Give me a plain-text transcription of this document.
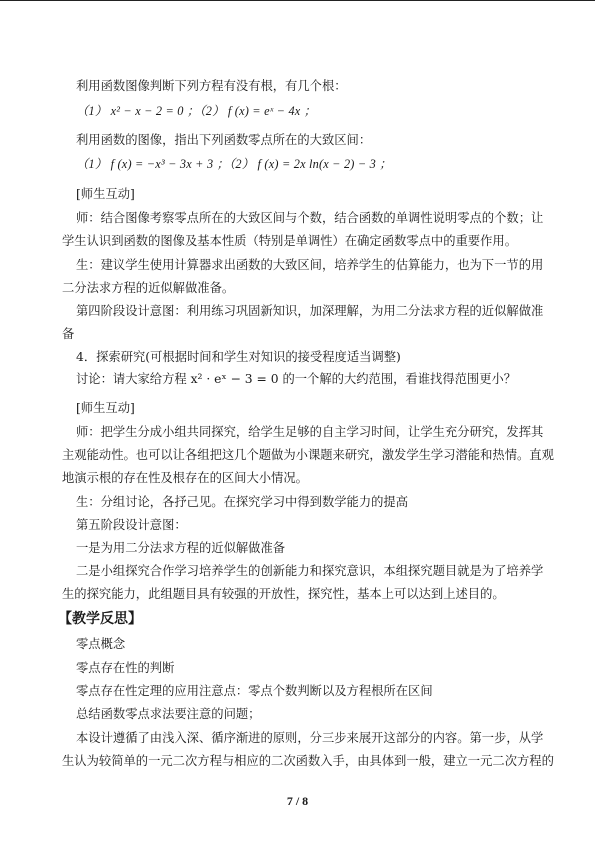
利用函数图像判断下列方程有没有根，有几个根：
（1） x² − x − 2 = 0 ；（2） f (x) = eˣ − 4x ；
利用函数的图像，指出下列函数零点所在的大致区间：
（1） f (x) = −x³ − 3x + 3 ；（2） f (x) = 2x ln(x − 2) − 3 ；
[师生互动]
师：结合图像考察零点所在的大致区间与个数，结合函数的单调性说明零点的个数；让
学生认识到函数的图像及基本性质（特别是单调性）在确定函数零点中的重要作用。
生：建议学生使用计算器求出函数的大致区间，培养学生的估算能力，也为下一节的用
二分法求方程的近似解做准备。
第四阶段设计意图：利用练习巩固新知识，加深理解，为用二分法求方程的近似解做准
备
4．探索研究(可根据时间和学生对知识的接受程度适当调整)
讨论：请大家给方程 x² · eˣ − 3 = 0 的一个解的大约范围，看谁找得范围更小？
[师生互动]
师：把学生分成小组共同探究，给学生足够的自主学习时间，让学生充分研究，发挥其
主观能动性。也可以让各组把这几个题做为小课题来研究，激发学生学习潜能和热情。直观
地演示根的存在性及根存在的区间大小情况。
生：分组讨论，各抒己见。在探究学习中得到数学能力的提高
第五阶段设计意图：
一是为用二分法求方程的近似解做准备
二是小组探究合作学习培养学生的创新能力和探究意识，本组探究题目就是为了培养学
生的探究能力，此组题目具有较强的开放性，探究性，基本上可以达到上述目的。
【教学反思】
零点概念
零点存在性的判断
零点存在性定理的应用注意点：零点个数判断以及方程根所在区间
总结函数零点求法要注意的问题；
本设计遵循了由浅入深、循序渐进的原则，分三步来展开这部分的内容。第一步，从学
生认为较简单的一元二次方程与相应的二次函数入手，由具体到一般，建立一元二次方程的
7 / 8
